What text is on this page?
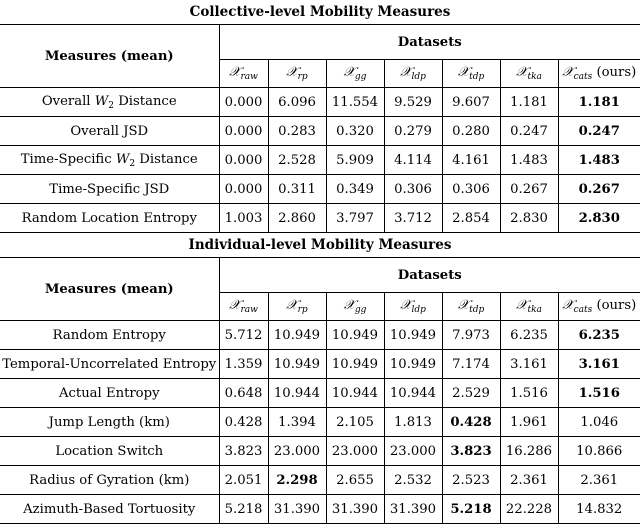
Collective-level Mobility Measures							
Measures (mean)	Datasets						
	𝒳$_{raw}$	𝒳$_{rp}$	𝒳$_{gg}$	𝒳$_{ldp}$	𝒳$_{tdp}$	𝒳$_{tka}$	𝒳$_{cats}$ (ours)
Overall $W_2$ Distance	0.000	6.096	11.554	9.529	9.607	1.181	1.181
Overall JSD	0.000	0.283	0.320	0.279	0.280	0.247	0.247
Time-Specific $W_2$ Distance	0.000	2.528	5.909	4.114	4.161	1.483	1.483
Time-Specific JSD	0.000	0.311	0.349	0.306	0.306	0.267	0.267
Random Location Entropy	1.003	2.860	3.797	3.712	2.854	2.830	2.830
Individual-level Mobility Measures							
Measures (mean)	Datasets						
	𝒳$_{raw}$	𝒳$_{rp}$	𝒳$_{gg}$	𝒳$_{ldp}$	𝒳$_{tdp}$	𝒳$_{tka}$	𝒳$_{cats}$ (ours)
Random Entropy	5.712	10.949	10.949	10.949	7.973	6.235	6.235
Temporal-Uncorrelated Entropy	1.359	10.949	10.949	10.949	7.174	3.161	3.161
Actual Entropy	0.648	10.944	10.944	10.944	2.529	1.516	1.516
Jump Length (km)	0.428	1.394	2.105	1.813	0.428	1.961	1.046
Location Switch	3.823	23.000	23.000	23.000	3.823	16.286	10.866
Radius of Gyration (km)	2.051	2.298	2.655	2.532	2.523	2.361	2.361
Azimuth-Based Tortuosity	5.218	31.390	31.390	31.390	5.218	22.228	14.832
